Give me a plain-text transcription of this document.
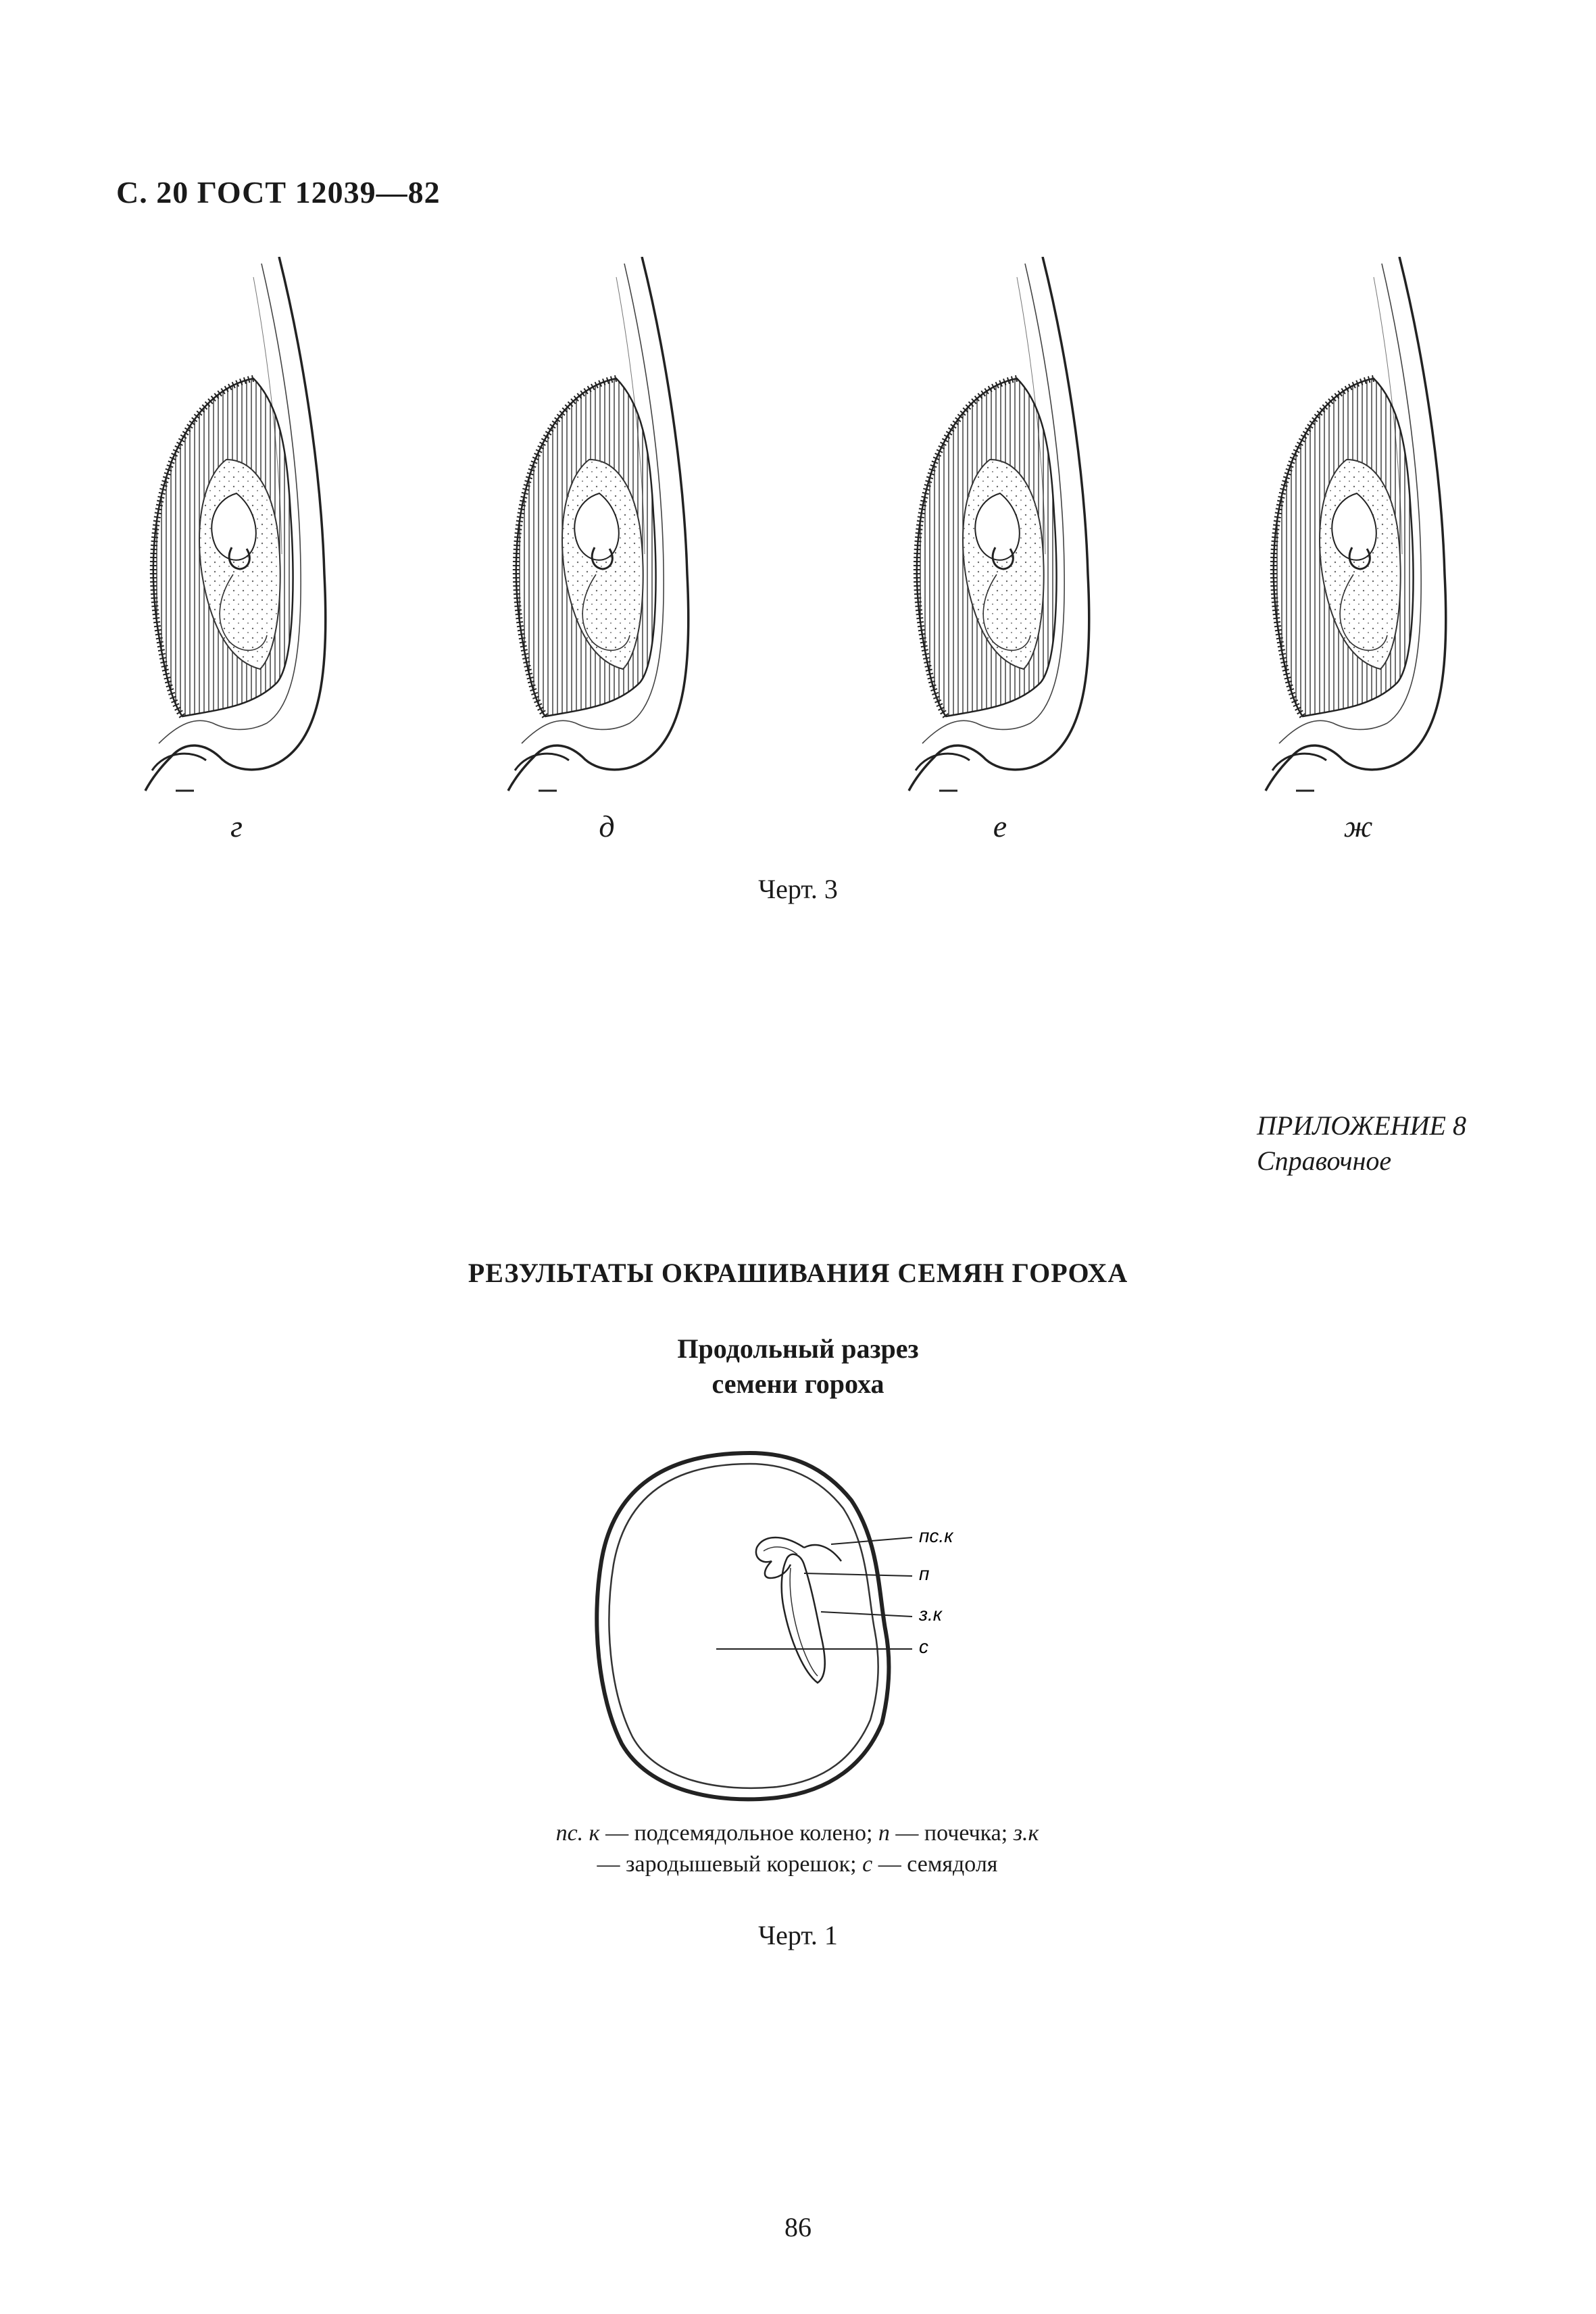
С. 20 ГОСТ 12039—82
г	д	е	ж
Черт. 3
ПРИЛОЖЕНИЕ 8
Справочное
РЕЗУЛЬТАТЫ ОКРАШИВАНИЯ СЕМЯН ГОРОХА
Продольный разрез
семени гороха
пс.к
п
з.к
с
пс. к — подсемядольное колено; п — почечка; з.к — зародышевый корешок; с — семядоля
Черт. 1
86
